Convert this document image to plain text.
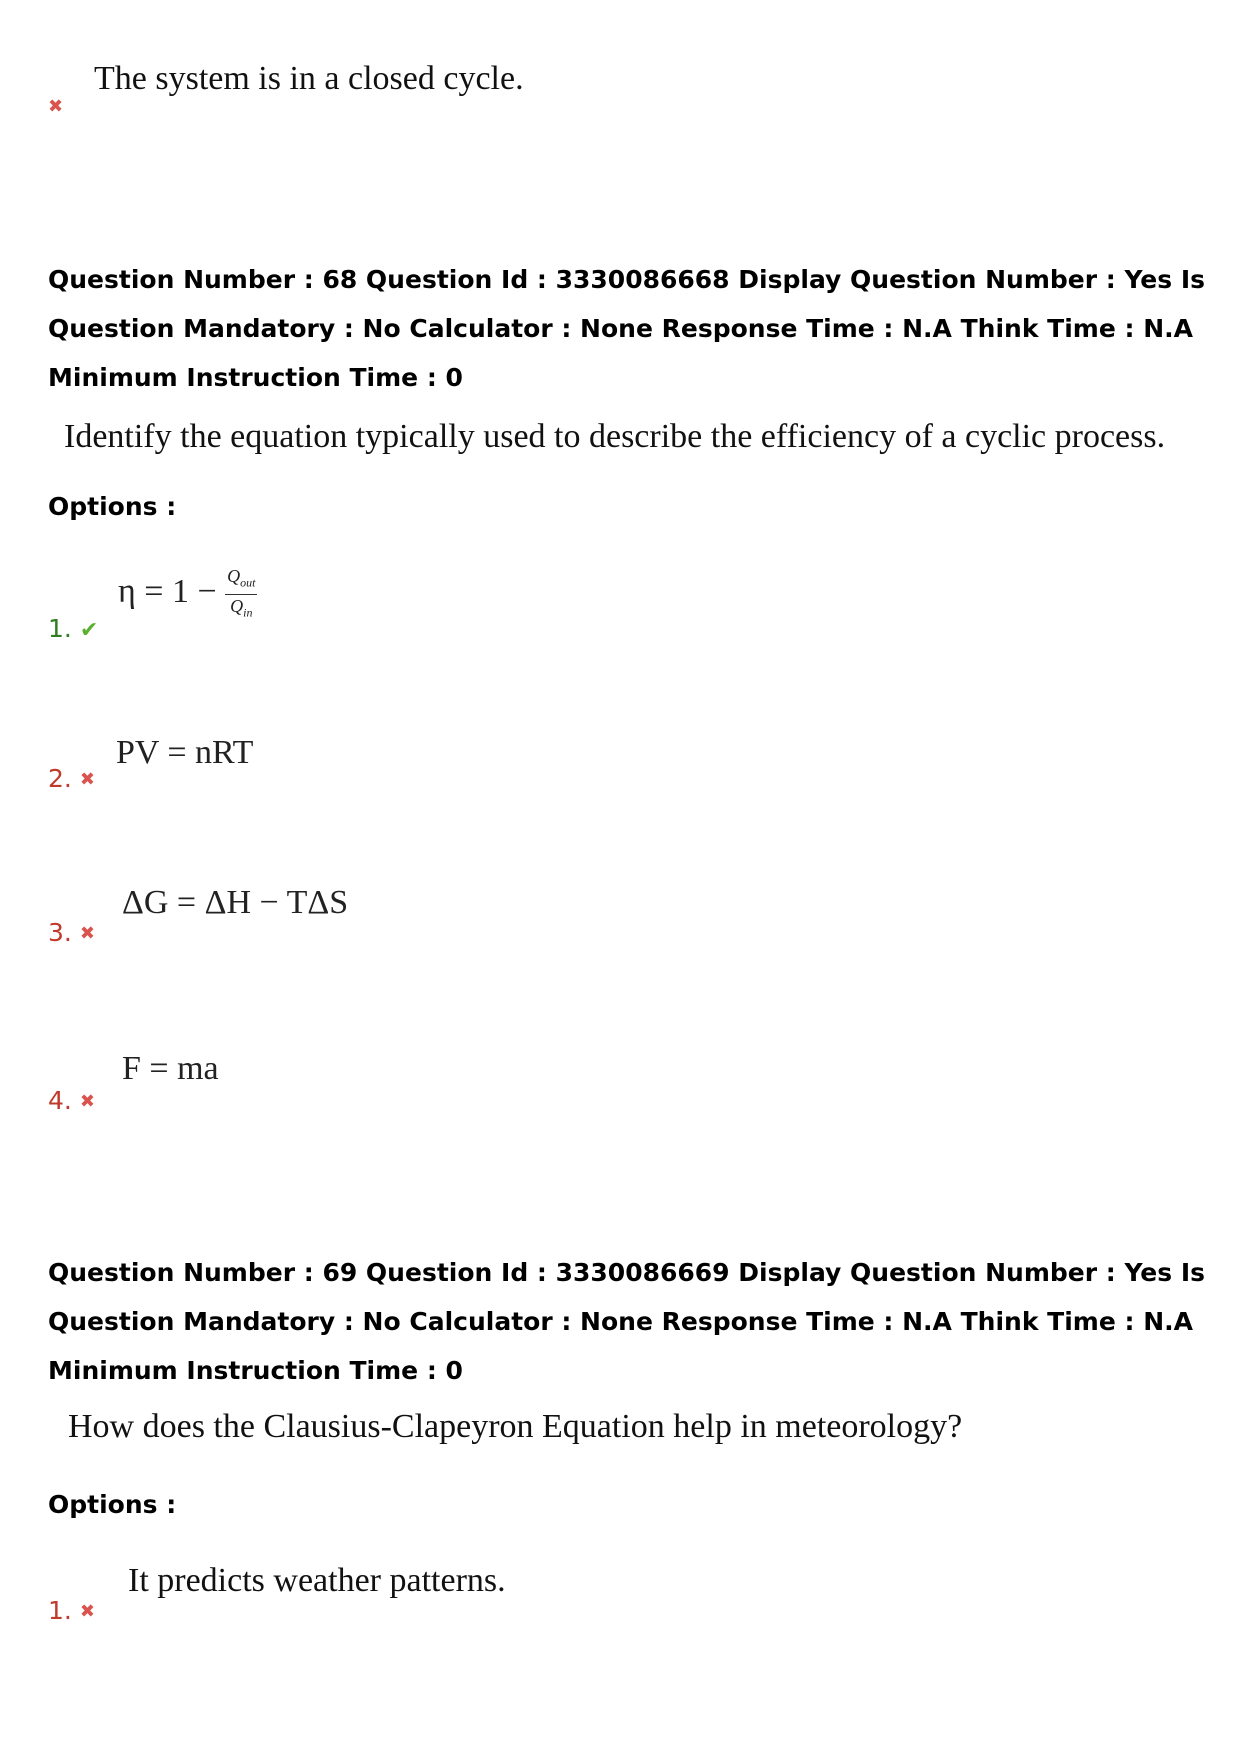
The system is in a closed cycle.
✖
Question Number : 68 Question Id : 3330086668 Display Question Number : Yes Is Question Mandatory : No Calculator : None Response Time : N.A Think Time : N.A Minimum Instruction Time : 0
Identify the equation typically used to describe the efficiency of a cyclic process.
Options :
$\eta = 1 - \frac{Q_{out}}{Q_{in}}$
1. ✔
PV = nRT
2. ✖
ΔG = ΔH − TΔS
3. ✖
F = ma
4. ✖
Question Number : 69 Question Id : 3330086669 Display Question Number : Yes Is Question Mandatory : No Calculator : None Response Time : N.A Think Time : N.A Minimum Instruction Time : 0
How does the Clausius-Clapeyron Equation help in meteorology?
Options :
It predicts weather patterns.
1. ✖
